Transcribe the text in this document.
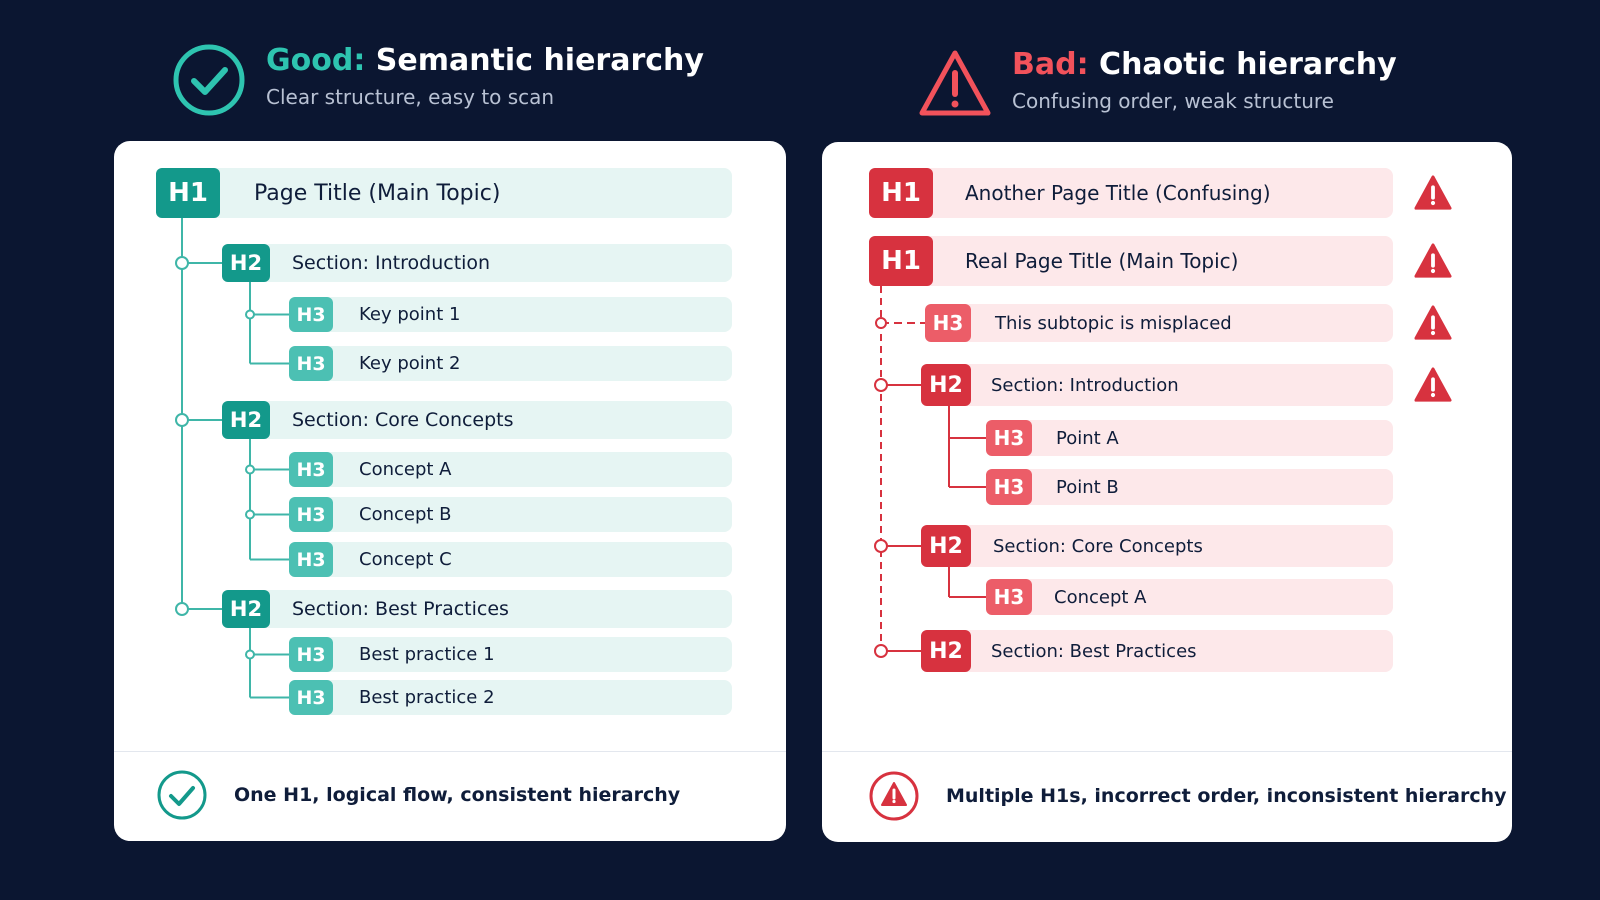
Good: Semantic hierarchy
Clear structure, easy to scan
Bad: Chaotic hierarchy
Confusing order, weak structure
H1	Page Title (Main Topic)
H2	Section: Introduction
H3	Key point 1
H3	Key point 2
H2	Section: Core Concepts
H3	Concept A
H3	Concept B
H3	Concept C
H2	Section: Best Practices
H3	Best practice 1
H3	Best practice 2
One H1, logical flow, consistent hierarchy
H1	Another Page Title (Confusing)
H1	Real Page Title (Main Topic)
H3	This subtopic is misplaced
H2	Section: Introduction
H3	Point A
H3	Point B
H2	Section: Core Concepts
H3	Concept A
H2	Section: Best Practices
Multiple H1s, incorrect order, inconsistent hierarchy
